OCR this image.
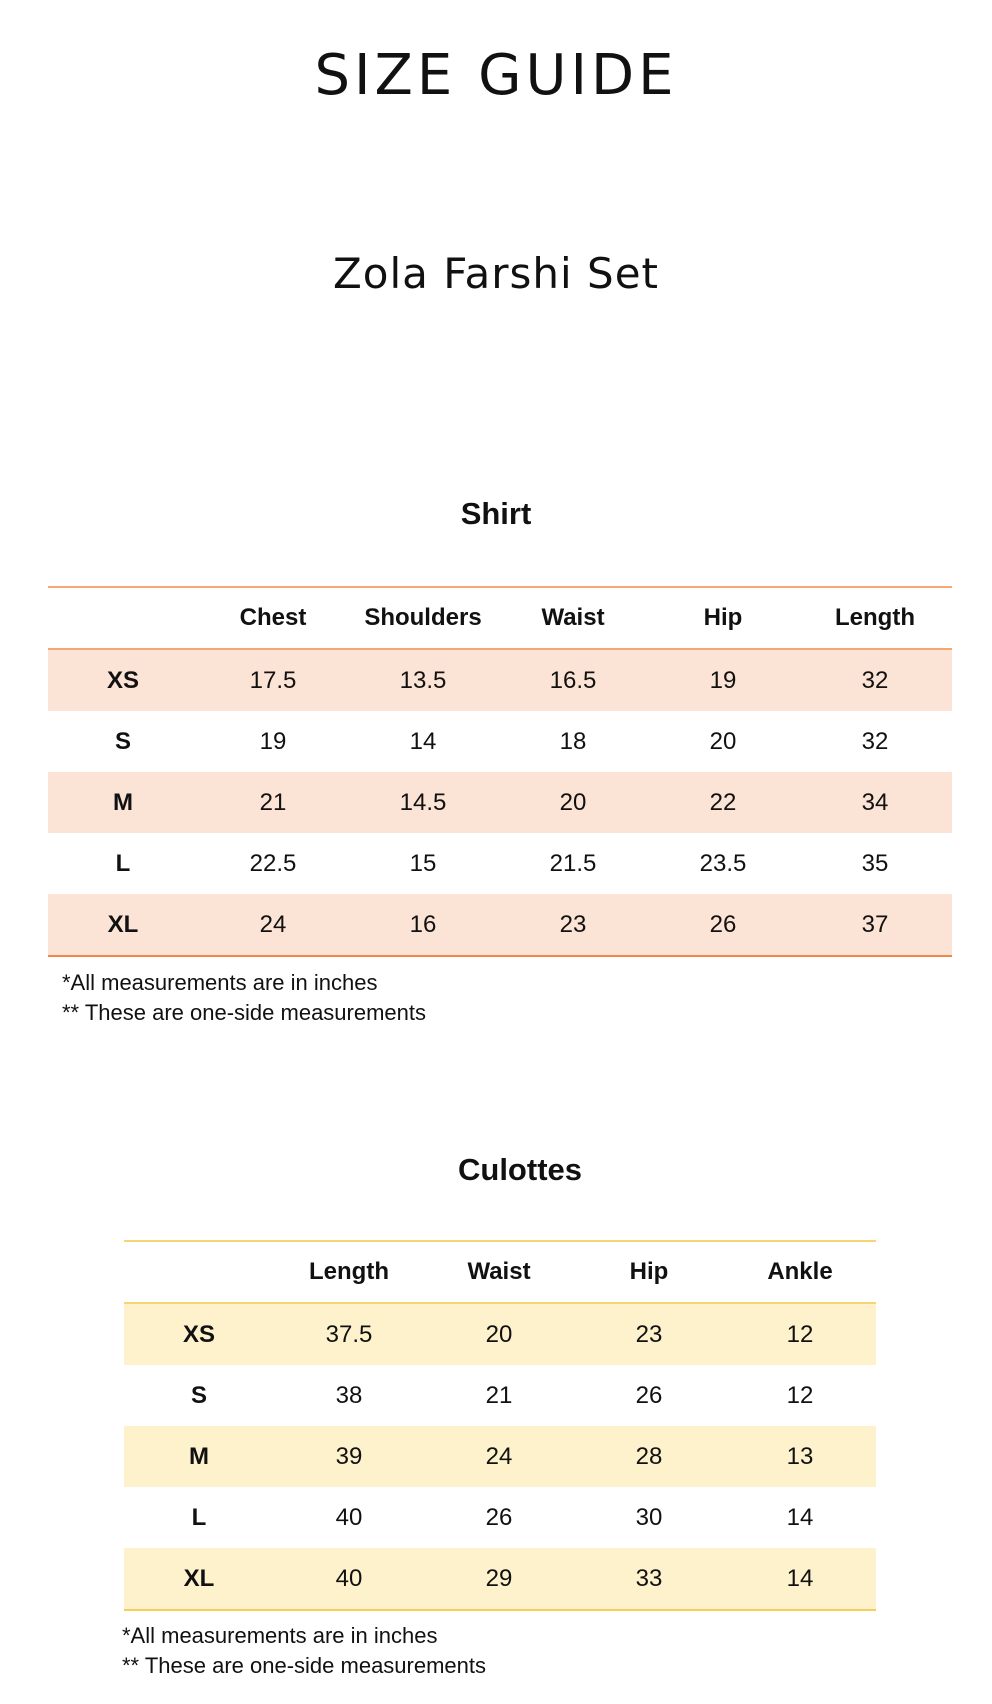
SIZE GUIDE
Zola Farshi Set
Shirt
	Chest	Shoulders	Waist	Hip	Length
XS	17.5	13.5	16.5	19	32
S	19	14	18	20	32
M	21	14.5	20	22	34
L	22.5	15	21.5	23.5	35
XL	24	16	23	26	37
*All measurements are in inches
** These are one-side measurements
Culottes
	Length	Waist	Hip	Ankle
XS	37.5	20	23	12
S	38	21	26	12
M	39	24	28	13
L	40	26	30	14
XL	40	29	33	14
*All measurements are in inches
** These are one-side measurements
